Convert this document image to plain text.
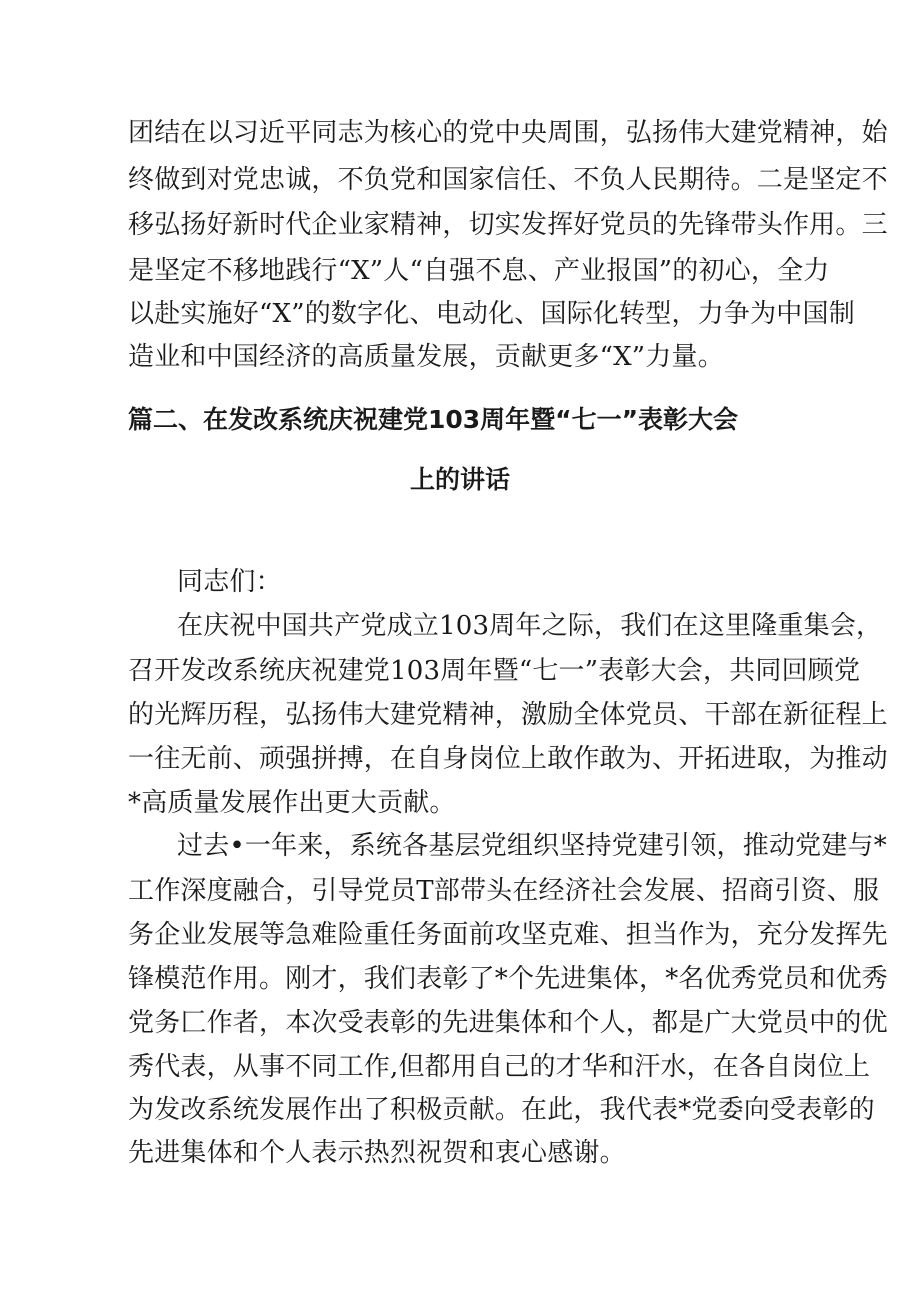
团结在以习近平同志为核心的党中央周围，弘扬伟大建党精神，始
终做到对党忠诚，不负党和国家信任、不负人民期待。二是坚定不
移弘扬好新时代企业家精神，切实发挥好党员的先锋带头作用。三
是坚定不移地践行“X”人“自强不息、产业报国”的初心，全力
以赴实施好“X”的数字化、电动化、国际化转型，力争为中国制
造业和中国经济的高质量发展，贡献更多“X”力量。
篇二、在发改系统庆祝建党103周年暨“七一”表彰大会
上的讲话
同志们：
在庆祝中国共产党成立103周年之际，我们在这里隆重集会，
召开发改系统庆祝建党103周年暨“七一”表彰大会，共同回顾党
的光辉历程，弘扬伟大建党精神，激励全体党员、干部在新征程上
一往无前、顽强拼搏，在自身岗位上敢作敢为、开拓进取，为推动
*高质量发展作出更大贡献。
过去•一年来，系统各基层党组织坚持党建引领，推动党建与*
工作深度融合，引导党员T部带头在经济社会发展、招商引资、服
务企业发展等急难险重任务面前攻坚克难、担当作为，充分发挥先
锋模范作用。刚才，我们表彰了*个先进集体，*名优秀党员和优秀
党务匚作者，本次受表彰的先进集体和个人，都是广大党员中的优
秀代表，从事不同工作,但都用自己的才华和汗水，在各自岗位上
为发改系统发展作出了积极贡献。在此，我代表*党委向受表彰的
先进集体和个人表示热烈祝贺和衷心感谢。
